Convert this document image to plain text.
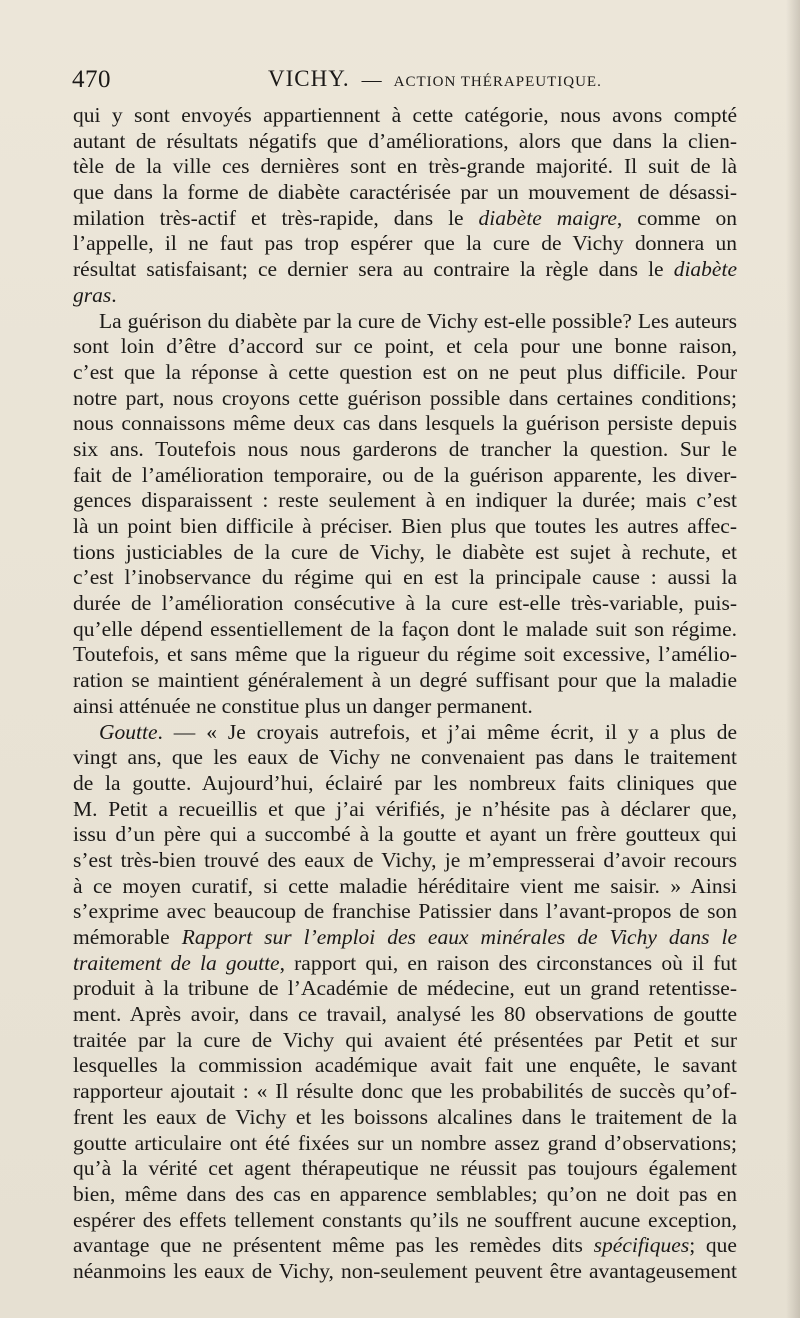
470	VICHY. — ACTION THÉRAPEUTIQUE.
qui y sont envoyés appartiennent à cette catégorie, nous avons compté
autant de résultats négatifs que d’améliorations, alors que dans la clien-
tèle de la ville ces dernières sont en très-grande majorité. Il suit de là
que dans la forme de diabète caractérisée par un mouvement de désassi-
milation très-actif et très-rapide, dans le diabète maigre, comme on
l’appelle, il ne faut pas trop espérer que la cure de Vichy donnera un
résultat satisfaisant; ce dernier sera au contraire la règle dans le diabète
gras.
La guérison du diabète par la cure de Vichy est-elle possible? Les auteurs
sont loin d’être d’accord sur ce point, et cela pour une bonne raison,
c’est que la réponse à cette question est on ne peut plus difficile. Pour
notre part, nous croyons cette guérison possible dans certaines conditions;
nous connaissons même deux cas dans lesquels la guérison persiste depuis
six ans. Toutefois nous nous garderons de trancher la question. Sur le
fait de l’amélioration temporaire, ou de la guérison apparente, les diver-
gences disparaissent : reste seulement à en indiquer la durée; mais c’est
là un point bien difficile à préciser. Bien plus que toutes les autres affec-
tions justiciables de la cure de Vichy, le diabète est sujet à rechute, et
c’est l’inobservance du régime qui en est la principale cause : aussi la
durée de l’amélioration consécutive à la cure est-elle très-variable, puis-
qu’elle dépend essentiellement de la façon dont le malade suit son régime.
Toutefois, et sans même que la rigueur du régime soit excessive, l’amélio-
ration se maintient généralement à un degré suffisant pour que la maladie
ainsi atténuée ne constitue plus un danger permanent.
Goutte. — « Je croyais autrefois, et j’ai même écrit, il y a plus de
vingt ans, que les eaux de Vichy ne convenaient pas dans le traitement
de la goutte. Aujourd’hui, éclairé par les nombreux faits cliniques que
M. Petit a recueillis et que j’ai vérifiés, je n’hésite pas à déclarer que,
issu d’un père qui a succombé à la goutte et ayant un frère goutteux qui
s’est très-bien trouvé des eaux de Vichy, je m’empresserai d’avoir recours
à ce moyen curatif, si cette maladie héréditaire vient me saisir. » Ainsi
s’exprime avec beaucoup de franchise Patissier dans l’avant-propos de son
mémorable Rapport sur l’emploi des eaux minérales de Vichy dans le
traitement de la goutte, rapport qui, en raison des circonstances où il fut
produit à la tribune de l’Académie de médecine, eut un grand retentisse-
ment. Après avoir, dans ce travail, analysé les 80 observations de goutte
traitée par la cure de Vichy qui avaient été présentées par Petit et sur
lesquelles la commission académique avait fait une enquête, le savant
rapporteur ajoutait : « Il résulte donc que les probabilités de succès qu’of-
frent les eaux de Vichy et les boissons alcalines dans le traitement de la
goutte articulaire ont été fixées sur un nombre assez grand d’observations;
qu’à la vérité cet agent thérapeutique ne réussit pas toujours également
bien, même dans des cas en apparence semblables; qu’on ne doit pas en
espérer des effets tellement constants qu’ils ne souffrent aucune exception,
avantage que ne présentent même pas les remèdes dits spécifiques; que
néanmoins les eaux de Vichy, non-seulement peuvent être avantageusement
